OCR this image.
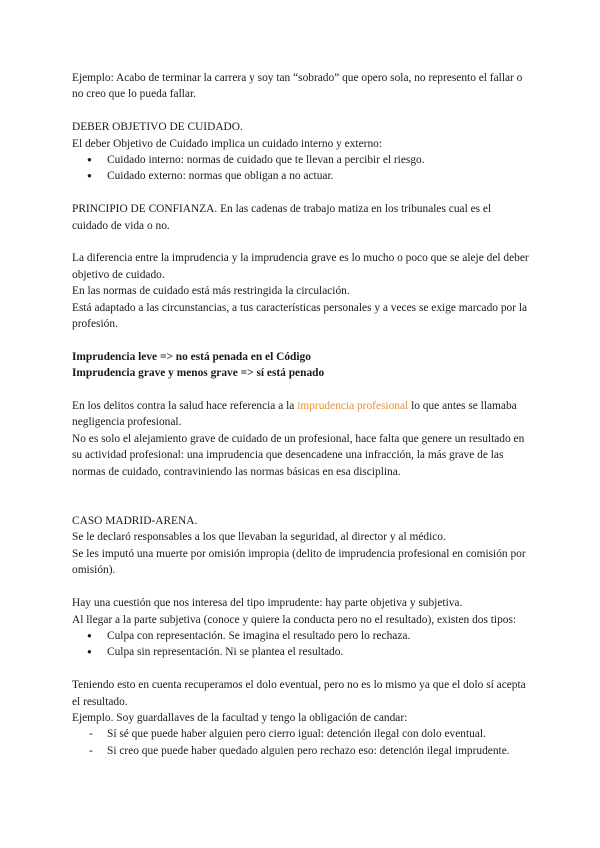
Ejemplo: Acabo de terminar la carrera y soy tan “sobrado” que opero sola, no represento el fallar o no creo que lo pueda fallar.

DEBER OBJETIVO DE CUIDADO.

El deber Objetivo de Cuidado implica un cuidado interno y externo:

● Cuidado interno: normas de cuidado que te llevan a percibir el riesgo.
● Cuidado externo: normas que obligan a no actuar.

PRINCIPIO DE CONFIANZA. En las cadenas de trabajo matiza en los tribunales cual es el cuidado de vida o no.

La diferencia entre la imprudencia y la imprudencia grave es lo mucho o poco que se aleje del deber objetivo de cuidado.

En las normas de cuidado está más restringida la circulación.

Está adaptado a las circunstancias, a tus características personales y a veces se exige marcado por la profesión.

Imprudencia leve => no está penada en el Código

Imprudencia grave y menos grave => sí está penado

En los delitos contra la salud hace referencia a la imprudencia profesional lo que antes se llamaba negligencia profesional.

No es solo el alejamiento grave de cuidado de un profesional, hace falta que genere un resultado en su actividad profesional: una imprudencia que desencadene una infracción, la más grave de las normas de cuidado, contraviniendo las normas básicas en esa disciplina.

CASO MADRID-ARENA.

Se le declaró responsables a los que llevaban la seguridad, al director y al médico.

Se les imputó una muerte por omisión impropia (delito de imprudencia profesional en comisión por omisión).

Hay una cuestión que nos interesa del tipo imprudente: hay parte objetiva y subjetiva.

Al llegar a la parte subjetiva (conoce y quiere la conducta pero no el resultado), existen dos tipos:

● Culpa con representación. Se imagina el resultado pero lo rechaza.
● Culpa sin representación. Ni se plantea el resultado.

Teniendo esto en cuenta recuperamos el dolo eventual, pero no es lo mismo ya que el dolo sí acepta el resultado.

Ejemplo. Soy guardallaves de la facultad y tengo la obligación de candar:

- Sí sé que puede haber alguien pero cierro igual: detención ilegal con dolo eventual.
- Si creo que puede haber quedado alguien pero rechazo eso: detención ilegal imprudente.
